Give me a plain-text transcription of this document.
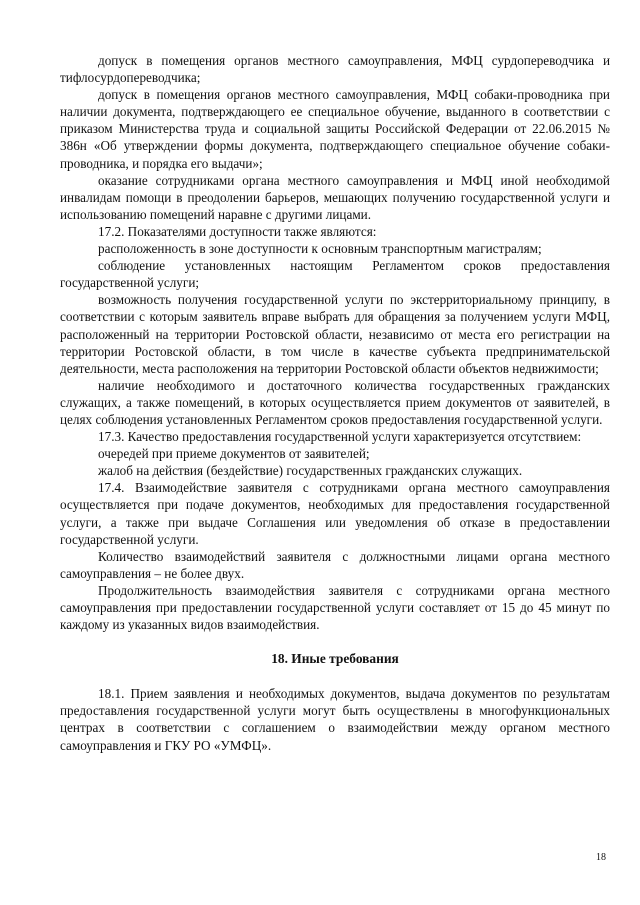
допуск в помещения органов местного самоуправления, МФЦ сурдопереводчика и тифлосурдопереводчика;

допуск в помещения органов местного самоуправления, МФЦ собаки-проводника при наличии документа, подтверждающего ее специальное обучение, выданного в соответствии с приказом Министерства труда и социальной защиты Российской Федерации от 22.06.2015 № 386н «Об утверждении формы документа, подтверждающего специальное обучение собаки-проводника, и порядка его выдачи»;

оказание сотрудниками органа местного самоуправления и МФЦ иной необходимой инвалидам помощи в преодолении барьеров, мешающих получению государственной услуги и использованию помещений наравне с другими лицами.

17.2. Показателями доступности также являются:

расположенность в зоне доступности к основным транспортным магистралям;

соблюдение установленных настоящим Регламентом сроков предоставления государственной услуги;

возможность получения государственной услуги по экстерриториальному принципу, в соответствии с которым заявитель вправе выбрать для обращения за получением услуги МФЦ, расположенный на территории Ростовской области, независимо от места его регистрации на территории Ростовской области, в том числе в качестве субъекта предпринимательской деятельности, места расположения на территории Ростовской области объектов недвижимости;

наличие необходимого и достаточного количества государственных гражданских служащих, а также помещений, в которых осуществляется прием документов от заявителей, в целях соблюдения установленных Регламентом сроков предоставления государственной услуги.

17.3. Качество предоставления государственной услуги характеризуется отсутствием:

очередей при приеме документов от заявителей;

жалоб на действия (бездействие) государственных гражданских служащих.

17.4. Взаимодействие заявителя с сотрудниками органа местного самоуправления осуществляется при подаче документов, необходимых для предоставления государственной услуги, а также при выдаче Соглашения или уведомления об отказе в предоставлении государственной услуги.

Количество взаимодействий заявителя с должностными лицами органа местного самоуправления – не более двух.

Продолжительность взаимодействия заявителя с сотрудниками органа местного самоуправления при предоставлении государственной услуги составляет от 15 до 45 минут по каждому из указанных видов взаимодействия.

18. Иные требования

18.1. Прием заявления и необходимых документов, выдача документов по результатам предоставления государственной услуги могут быть осуществлены в многофункциональных центрах в соответствии с соглашением о взаимодействии между органом местного самоуправления и ГКУ РО «УМФЦ».

18
